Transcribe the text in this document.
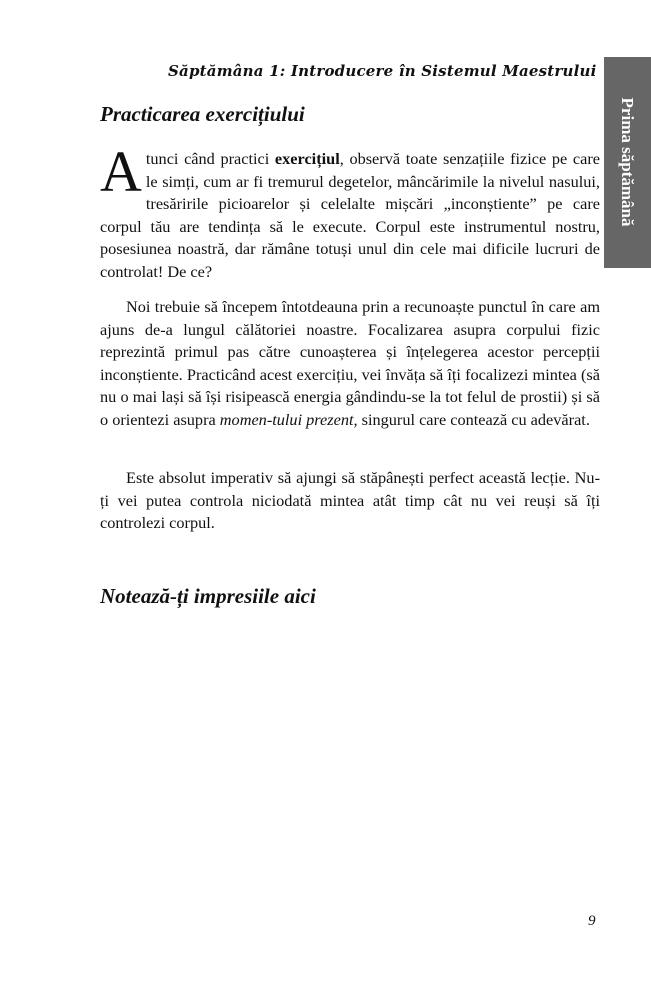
Săptămâna 1: Introducere în Sistemul Maestrului
Prima săptămână
Practicarea exercițiului

Atunci când practici exercițiul, observă toate senzațiile fizice pe care le simți, cum ar fi tremurul degetelor, mâncărimile la nivelul nasului, tresăririle picioarelor și celelalte mișcări „inconștiente” pe care corpul tău are tendința să le execute. Corpul este instrumentul nostru, posesiunea noastră, dar rămâne totuși unul din cele mai dificile lucruri de controlat! De ce?

Noi trebuie să începem întotdeauna prin a recunoaște punctul în care am ajuns de-a lungul călătoriei noastre. Focalizarea asupra corpului fizic reprezintă primul pas către cunoașterea și înțelegerea acestor percepții inconștiente. Practicând acest exercițiu, vei învăța să îți focalizezi mintea (să nu o mai lași să își risipească energia gândindu-se la tot felul de prostii) și să o orientezi asupra momen-tului prezent, singurul care contează cu adevărat.

Este absolut imperativ să ajungi să stăpânești perfect această lecție. Nu-ți vei putea controla niciodată mintea atât timp cât nu vei reuși să îți controlezi corpul.

Notează-ți impresiile aici
9
